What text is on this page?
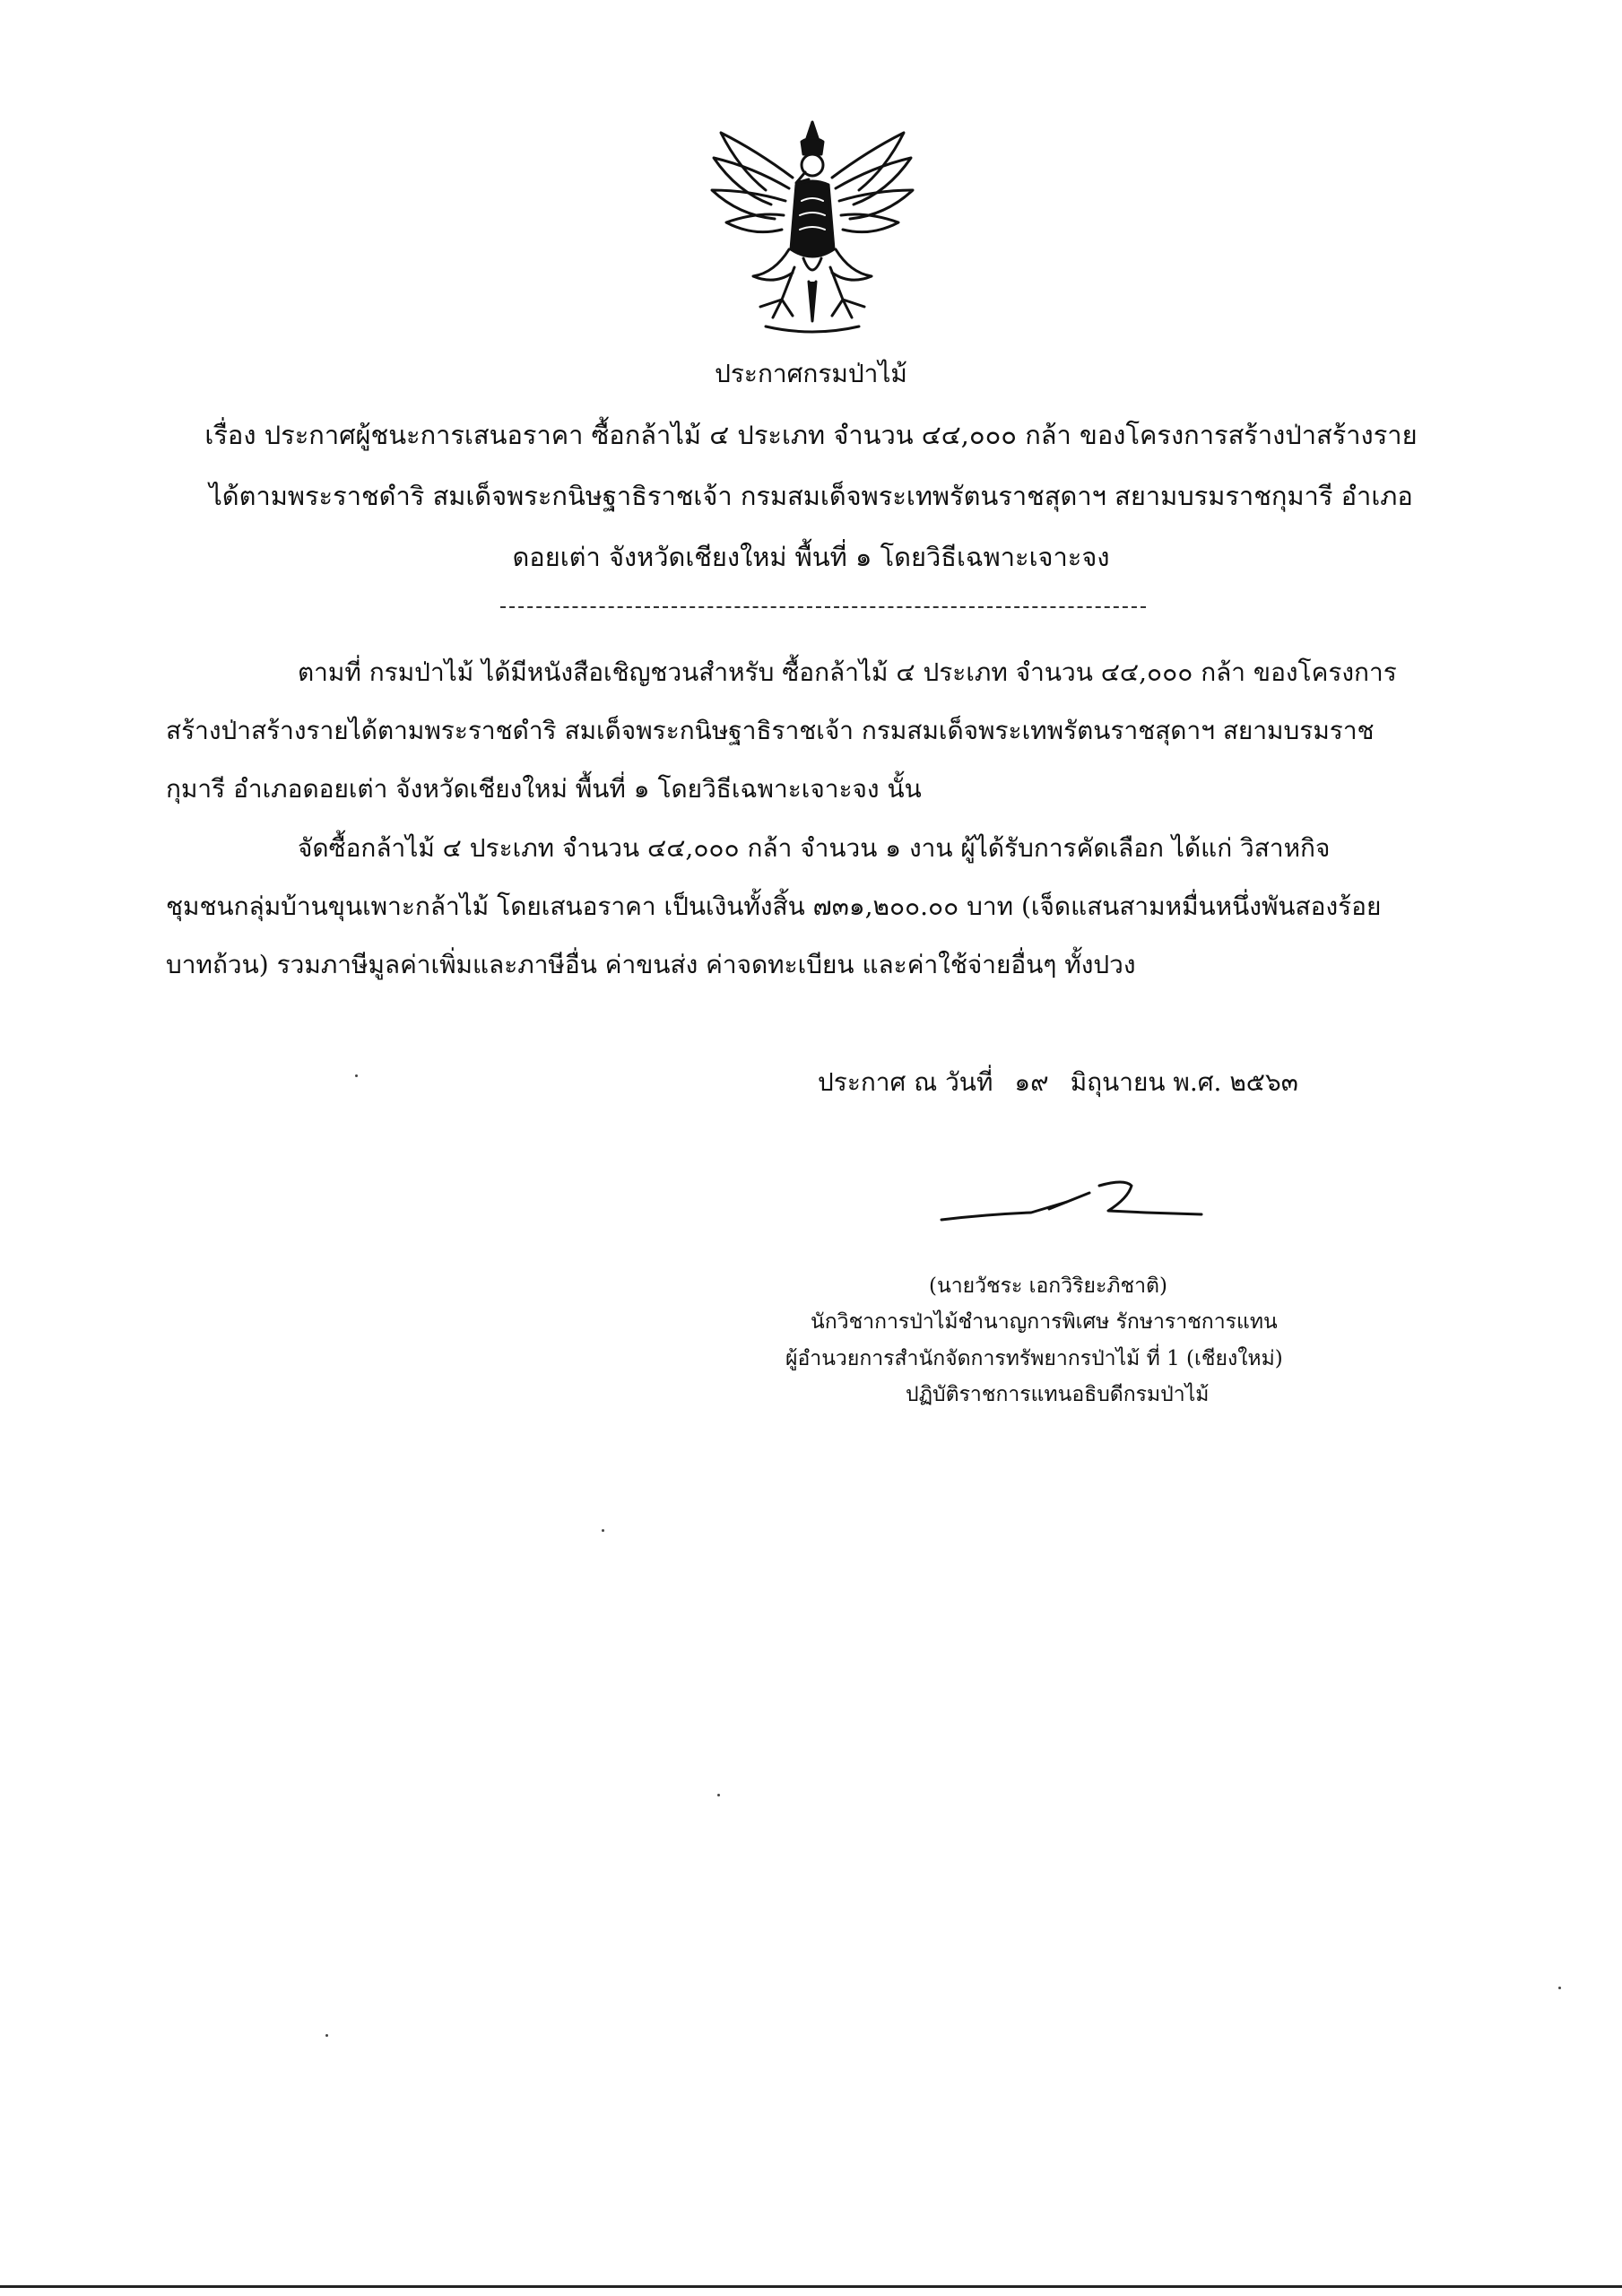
ประกาศกรมป่าไม้
เรื่อง ประกาศผู้ชนะการเสนอราคา ซื้อกล้าไม้ ๔ ประเภท จำนวน ๔๔,๐๐๐ กล้า ของโครงการสร้างป่าสร้างราย
ได้ตามพระราชดำริ สมเด็จพระกนิษฐาธิราชเจ้า กรมสมเด็จพระเทพรัตนราชสุดาฯ สยามบรมราชกุมารี อำเภอ
ดอยเต่า จังหวัดเชียงใหม่ พื้นที่ ๑ โดยวิธีเฉพาะเจาะจง
ตามที่ กรมป่าไม้ ได้มีหนังสือเชิญชวนสำหรับ ซื้อกล้าไม้ ๔ ประเภท จำนวน ๔๔,๐๐๐ กล้า ของโครงการ
สร้างป่าสร้างรายได้ตามพระราชดำริ สมเด็จพระกนิษฐาธิราชเจ้า กรมสมเด็จพระเทพรัตนราชสุดาฯ สยามบรมราช
กุมารี อำเภอดอยเต่า จังหวัดเชียงใหม่ พื้นที่ ๑ โดยวิธีเฉพาะเจาะจง นั้น
จัดซื้อกล้าไม้ ๔ ประเภท จำนวน ๔๔,๐๐๐ กล้า จำนวน ๑ งาน ผู้ได้รับการคัดเลือก ได้แก่ วิสาหกิจ
ชุมชนกลุ่มบ้านขุนเพาะกล้าไม้ โดยเสนอราคา เป็นเงินทั้งสิ้น ๗๓๑,๒๐๐.๐๐ บาท (เจ็ดแสนสามหมื่นหนึ่งพันสองร้อย
บาทถ้วน) รวมภาษีมูลค่าเพิ่มและภาษีอื่น ค่าขนส่ง ค่าจดทะเบียน และค่าใช้จ่ายอื่นๆ ทั้งปวง
ประกาศ ณ วันที่ ๑๙ มิถุนายน พ.ศ. ๒๕๖๓
(นายวัชระ เอกวิริยะภิชาติ)
นักวิชาการป่าไม้ชำนาญการพิเศษ รักษาราชการแทน
ผู้อำนวยการสำนักจัดการทรัพยากรป่าไม้ ที่ 1 (เชียงใหม่)
ปฏิบัติราชการแทนอธิบดีกรมป่าไม้
